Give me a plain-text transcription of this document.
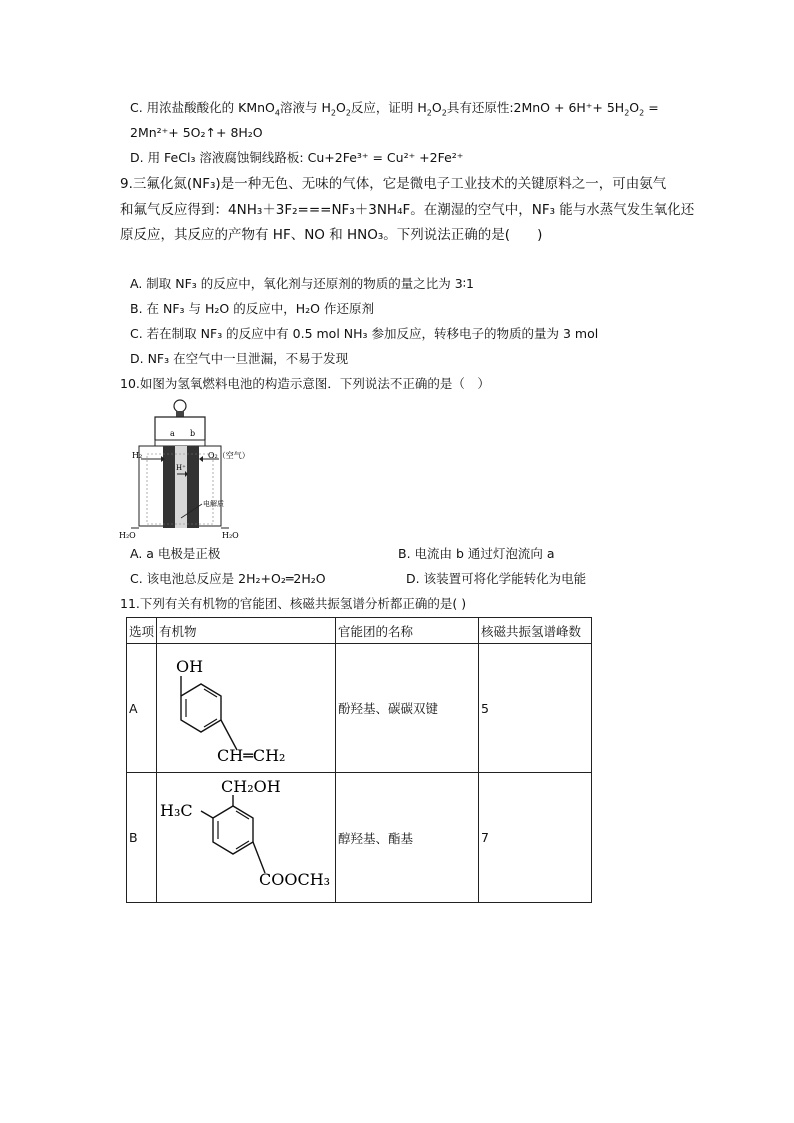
C. 用浓盐酸酸化的 KMnO$_4$溶液与 $H_2O_2$反应，证明 $H_2O_2$具有还原性:2MnO + $6H^++ 5H_2O_2$ =
2Mn²⁺+ 5O₂↑+ 8H₂O
D. 用 FeCl₃ 溶液腐蚀铜线路板: Cu+2Fe³⁺ = Cu²⁺ +2Fe²⁺
9.三氟化氮(NF₃)是一种无色、无味的气体，它是微电子工业技术的关键原料之一，可由氨气
和氟气反应得到：4NH₃＋3F₂===NF₃＋3NH₄F。在潮湿的空气中，NF₃ 能与水蒸气发生氧化还
原反应，其反应的产物有 HF、NO 和 HNO₃。下列说法正确的是(　　)
A. 制取 NF₃ 的反应中，氧化剂与还原剂的物质的量之比为 3∶1
B. 在 NF₃ 与 H₂O 的反应中，H₂O 作还原剂
C. 若在制取 NF₃ 的反应中有 0.5 mol NH₃ 参加反应，转移电子的物质的量为 3 mol
D. NF₃ 在空气中一旦泄漏，不易于发现
10.如图为氢氧燃料电池的构造示意图．下列说法不正确的是（　）
a b
H₂	O₂（空气）
H⁺
电解质
H₂O	H₂O
A. a 电极是正极	B. 电流由 b 通过灯泡流向 a
C. 该电池总反应是 2H₂+O₂═2H₂O	D. 该装置可将化学能转化为电能
11.下列有关有机物的官能团、核磁共振氢谱分析都正确的是( )
选项	有机物	官能团的名称	核磁共振氢谱峰数
A	OH
CH═CH₂	酚羟基、碳碳双键	5
B	CH₂OH
H₃C
COOCH₃	醇羟基、酯基	7
